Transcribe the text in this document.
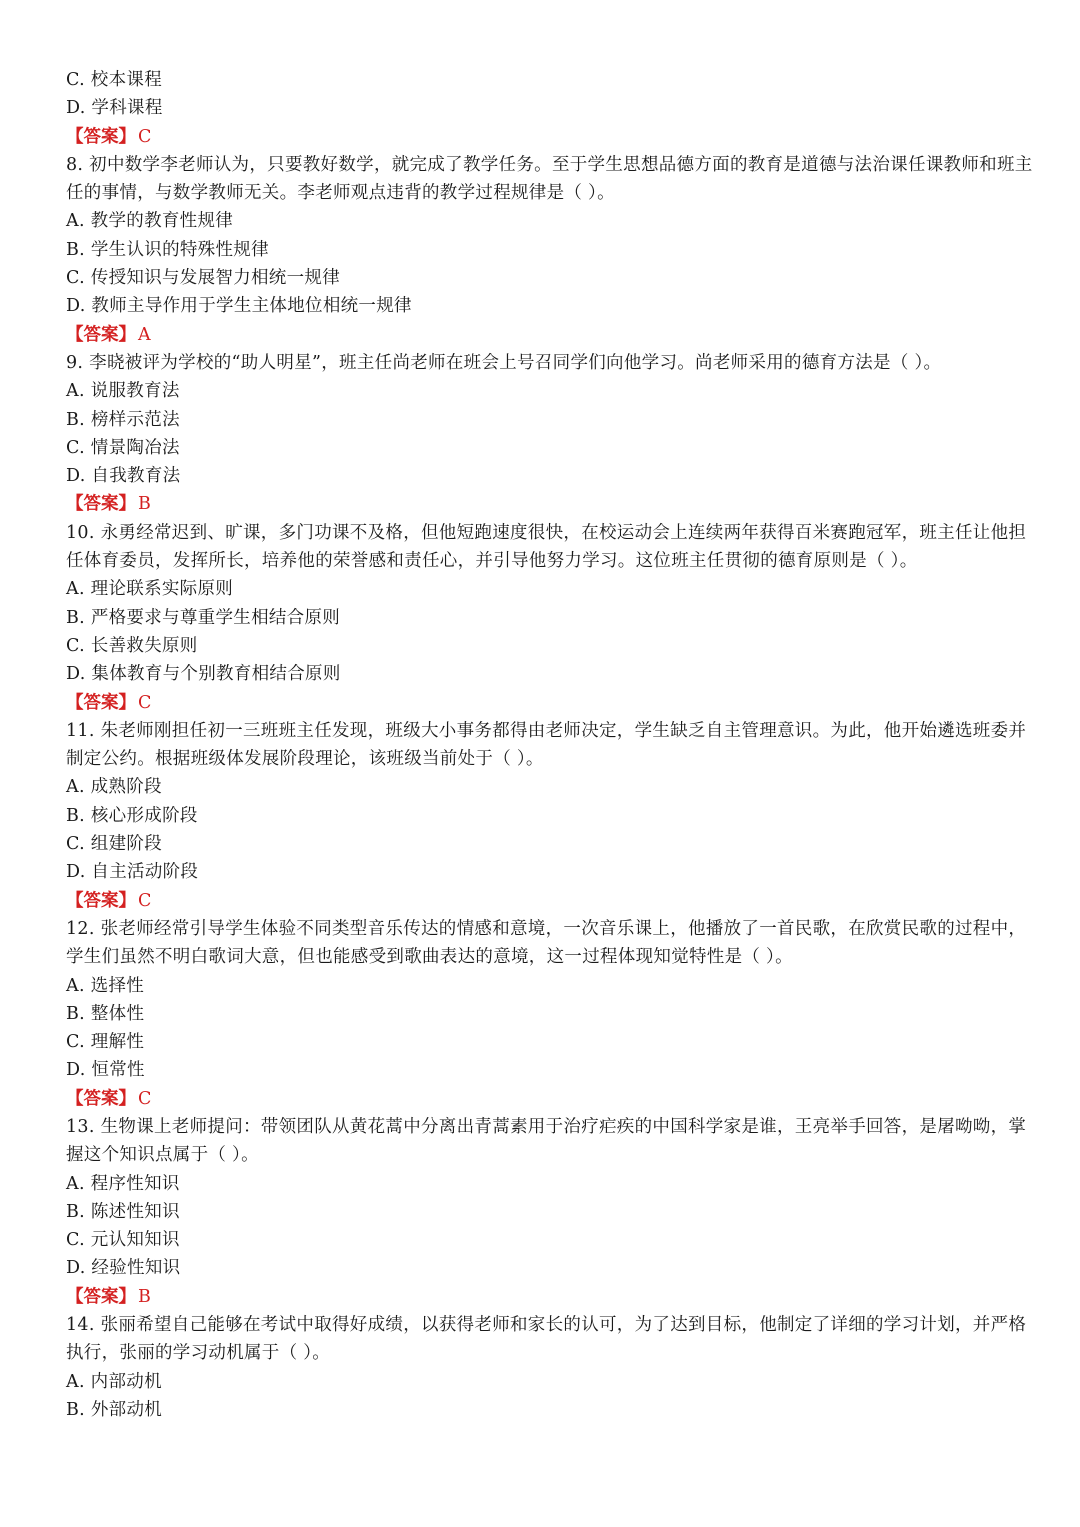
C. 校本课程
D. 学科课程
【答案】 C
8. 初中数学李老师认为，只要教好数学，就完成了教学任务。至于学生思想品德方面的教育是道德与法治课任课教师和班主任的事情，与数学教师无关。李老师观点违背的教学过程规律是（ ）。
A. 教学的教育性规律
B. 学生认识的特殊性规律
C. 传授知识与发展智力相统一规律
D. 教师主导作用于学生主体地位相统一规律
【答案】 A
9. 李晓被评为学校的“助人明星”，班主任尚老师在班会上号召同学们向他学习。尚老师采用的德育方法是（ ）。
A. 说服教育法
B. 榜样示范法
C. 情景陶冶法
D. 自我教育法
【答案】 B
10. 永勇经常迟到、旷课，多门功课不及格，但他短跑速度很快，在校运动会上连续两年获得百米赛跑冠军，班主任让他担任体育委员，发挥所长，培养他的荣誉感和责任心，并引导他努力学习。这位班主任贯彻的德育原则是（ ）。
A. 理论联系实际原则
B. 严格要求与尊重学生相结合原则
C. 长善救失原则
D. 集体教育与个别教育相结合原则
【答案】 C
11. 朱老师刚担任初一三班班主任发现，班级大小事务都得由老师决定，学生缺乏自主管理意识。为此，他开始遴选班委并制定公约。根据班级体发展阶段理论，该班级当前处于（ ）。
A. 成熟阶段
B. 核心形成阶段
C. 组建阶段
D. 自主活动阶段
【答案】 C
12. 张老师经常引导学生体验不同类型音乐传达的情感和意境，一次音乐课上，他播放了一首民歌，在欣赏民歌的过程中，学生们虽然不明白歌词大意，但也能感受到歌曲表达的意境，这一过程体现知觉特性是（ ）。
A. 选择性
B. 整体性
C. 理解性
D. 恒常性
【答案】 C
13. 生物课上老师提问：带领团队从黄花蒿中分离出青蒿素用于治疗疟疾的中国科学家是谁，王亮举手回答，是屠呦呦，掌握这个知识点属于（ ）。
A. 程序性知识
B. 陈述性知识
C. 元认知知识
D. 经验性知识
【答案】 B
14. 张丽希望自己能够在考试中取得好成绩，以获得老师和家长的认可，为了达到目标，他制定了详细的学习计划，并严格执行，张丽的学习动机属于（ ）。
A. 内部动机
B. 外部动机
